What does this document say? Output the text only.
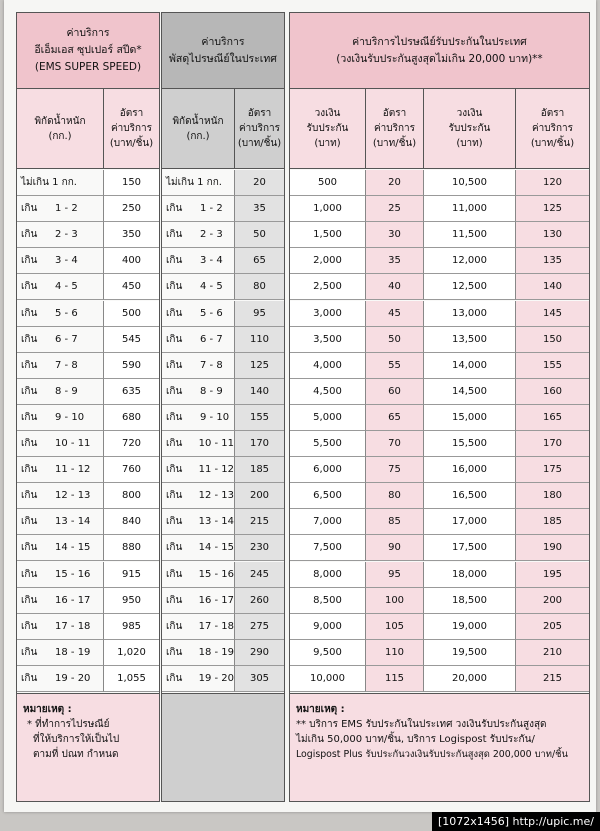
ค่าบริการ
อีเอ็มเอส ซุปเปอร์ สปีด*
(EMS SUPER SPEED)
พิกัดน้ำหนัก
(กก.)
อัตรา
ค่าบริการ
(บาท/ชิ้น)
ไม่เกิน 1 กก.	150
เกิน	1 - 2	250
เกิน	2 - 3	350
เกิน	3 - 4	400
เกิน	4 - 5	450
เกิน	5 - 6	500
เกิน	6 - 7	545
เกิน	7 - 8	590
เกิน	8 - 9	635
เกิน	9 - 10	680
เกิน	10 - 11	720
เกิน	11 - 12	760
เกิน	12 - 13	800
เกิน	13 - 14	840
เกิน	14 - 15	880
เกิน	15 - 16	915
เกิน	16 - 17	950
เกิน	17 - 18	985
เกิน	18 - 19	1,020
เกิน	19 - 20	1,055
หมายเหตุ :
* ที่ทำการไปรษณีย์
ที่ให้บริการให้เป็นไป
ตามที่ ปณท กำหนด
ค่าบริการ
พัสดุไปรษณีย์ในประเทศ
พิกัดน้ำหนัก
(กก.)
อัตรา
ค่าบริการ
(บาท/ชิ้น)
ไม่เกิน 1 กก.	20
เกิน	1 - 2	35
เกิน	2 - 3	50
เกิน	3 - 4	65
เกิน	4 - 5	80
เกิน	5 - 6	95
เกิน	6 - 7	110
เกิน	7 - 8	125
เกิน	8 - 9	140
เกิน	9 - 10	155
เกิน	10 - 11	170
เกิน	11 - 12	185
เกิน	12 - 13	200
เกิน	13 - 14	215
เกิน	14 - 15	230
เกิน	15 - 16	245
เกิน	16 - 17	260
เกิน	17 - 18	275
เกิน	18 - 19	290
เกิน	19 - 20	305
ค่าบริการไปรษณีย์รับประกันในประเทศ
(วงเงินรับประกันสูงสุดไม่เกิน 20,000 บาท)**
วงเงิน
รับประกัน
(บาท)
อัตรา
ค่าบริการ
(บาท/ชิ้น)
วงเงิน
รับประกัน
(บาท)
อัตรา
ค่าบริการ
(บาท/ชิ้น)
500	20	10,500	120
1,000	25	11,000	125
1,500	30	11,500	130
2,000	35	12,000	135
2,500	40	12,500	140
3,000	45	13,000	145
3,500	50	13,500	150
4,000	55	14,000	155
4,500	60	14,500	160
5,000	65	15,000	165
5,500	70	15,500	170
6,000	75	16,000	175
6,500	80	16,500	180
7,000	85	17,000	185
7,500	90	17,500	190
8,000	95	18,000	195
8,500	100	18,500	200
9,000	105	19,000	205
9,500	110	19,500	210
10,000	115	20,000	215
หมายเหตุ :
** บริการ EMS รับประกันในประเทศ วงเงินรับประกันสูงสุด
ไม่เกิน 50,000 บาท/ชิ้น, บริการ Logispost รับประกัน/
Logispost Plus รับประกันวงเงินรับประกันสูงสุด 200,000 บาท/ชิ้น
[1072x1456] http://upic.me/
